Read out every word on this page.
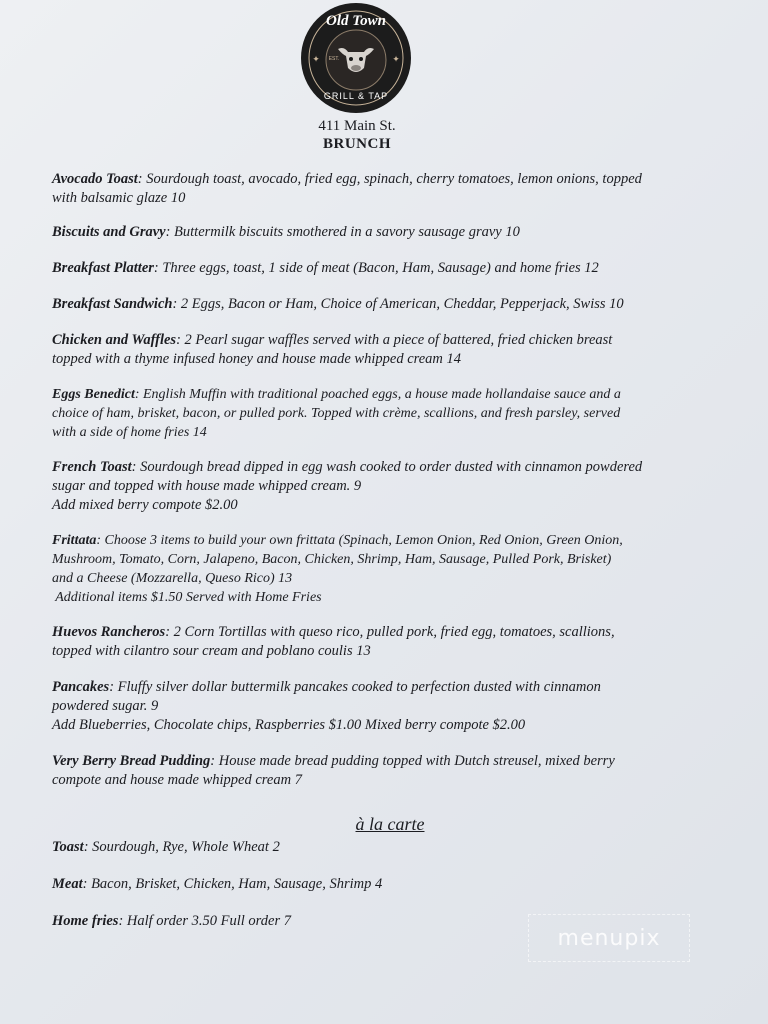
Old Town
EST.
GRILL & TAP
✦	✦
411 Main St.
BRUNCH
Avocado Toast: Sourdough toast, avocado, fried egg, spinach, cherry tomatoes, lemon onions, topped
with balsamic glaze 10
Biscuits and Gravy: Buttermilk biscuits smothered in a savory sausage gravy 10
Breakfast Platter: Three eggs, toast, 1 side of meat (Bacon, Ham, Sausage) and home fries 12
Breakfast Sandwich: 2 Eggs, Bacon or Ham, Choice of American, Cheddar, Pepperjack, Swiss 10
Chicken and Waffles: 2 Pearl sugar waffles served with a piece of battered, fried chicken breast
topped with a thyme infused honey and house made whipped cream 14
Eggs Benedict: English Muffin with traditional poached eggs, a house made hollandaise sauce and a
choice of ham, brisket, bacon, or pulled pork. Topped with crème, scallions, and fresh parsley, served
with a side of home fries 14
French Toast: Sourdough bread dipped in egg wash cooked to order dusted with cinnamon powdered
sugar and topped with house made whipped cream. 9
Add mixed berry compote $2.00
Frittata: Choose 3 items to build your own frittata (Spinach, Lemon Onion, Red Onion, Green Onion,
Mushroom, Tomato, Corn, Jalapeno, Bacon, Chicken, Shrimp, Ham, Sausage, Pulled Pork, Brisket)
and a Cheese (Mozzarella, Queso Rico) 13
Additional items $1.50 Served with Home Fries
Huevos Rancheros: 2 Corn Tortillas with queso rico, pulled pork, fried egg, tomatoes, scallions,
topped with cilantro sour cream and poblano coulis 13
Pancakes: Fluffy silver dollar buttermilk pancakes cooked to perfection dusted with cinnamon
powdered sugar. 9
Add Blueberries, Chocolate chips, Raspberries $1.00 Mixed berry compote $2.00
Very Berry Bread Pudding: House made bread pudding topped with Dutch streusel, mixed berry
compote and house made whipped cream 7
à la carte
Toast: Sourdough, Rye, Whole Wheat 2
Meat: Bacon, Brisket, Chicken, Ham, Sausage, Shrimp 4
Home fries: Half order 3.50 Full order 7
menupix
